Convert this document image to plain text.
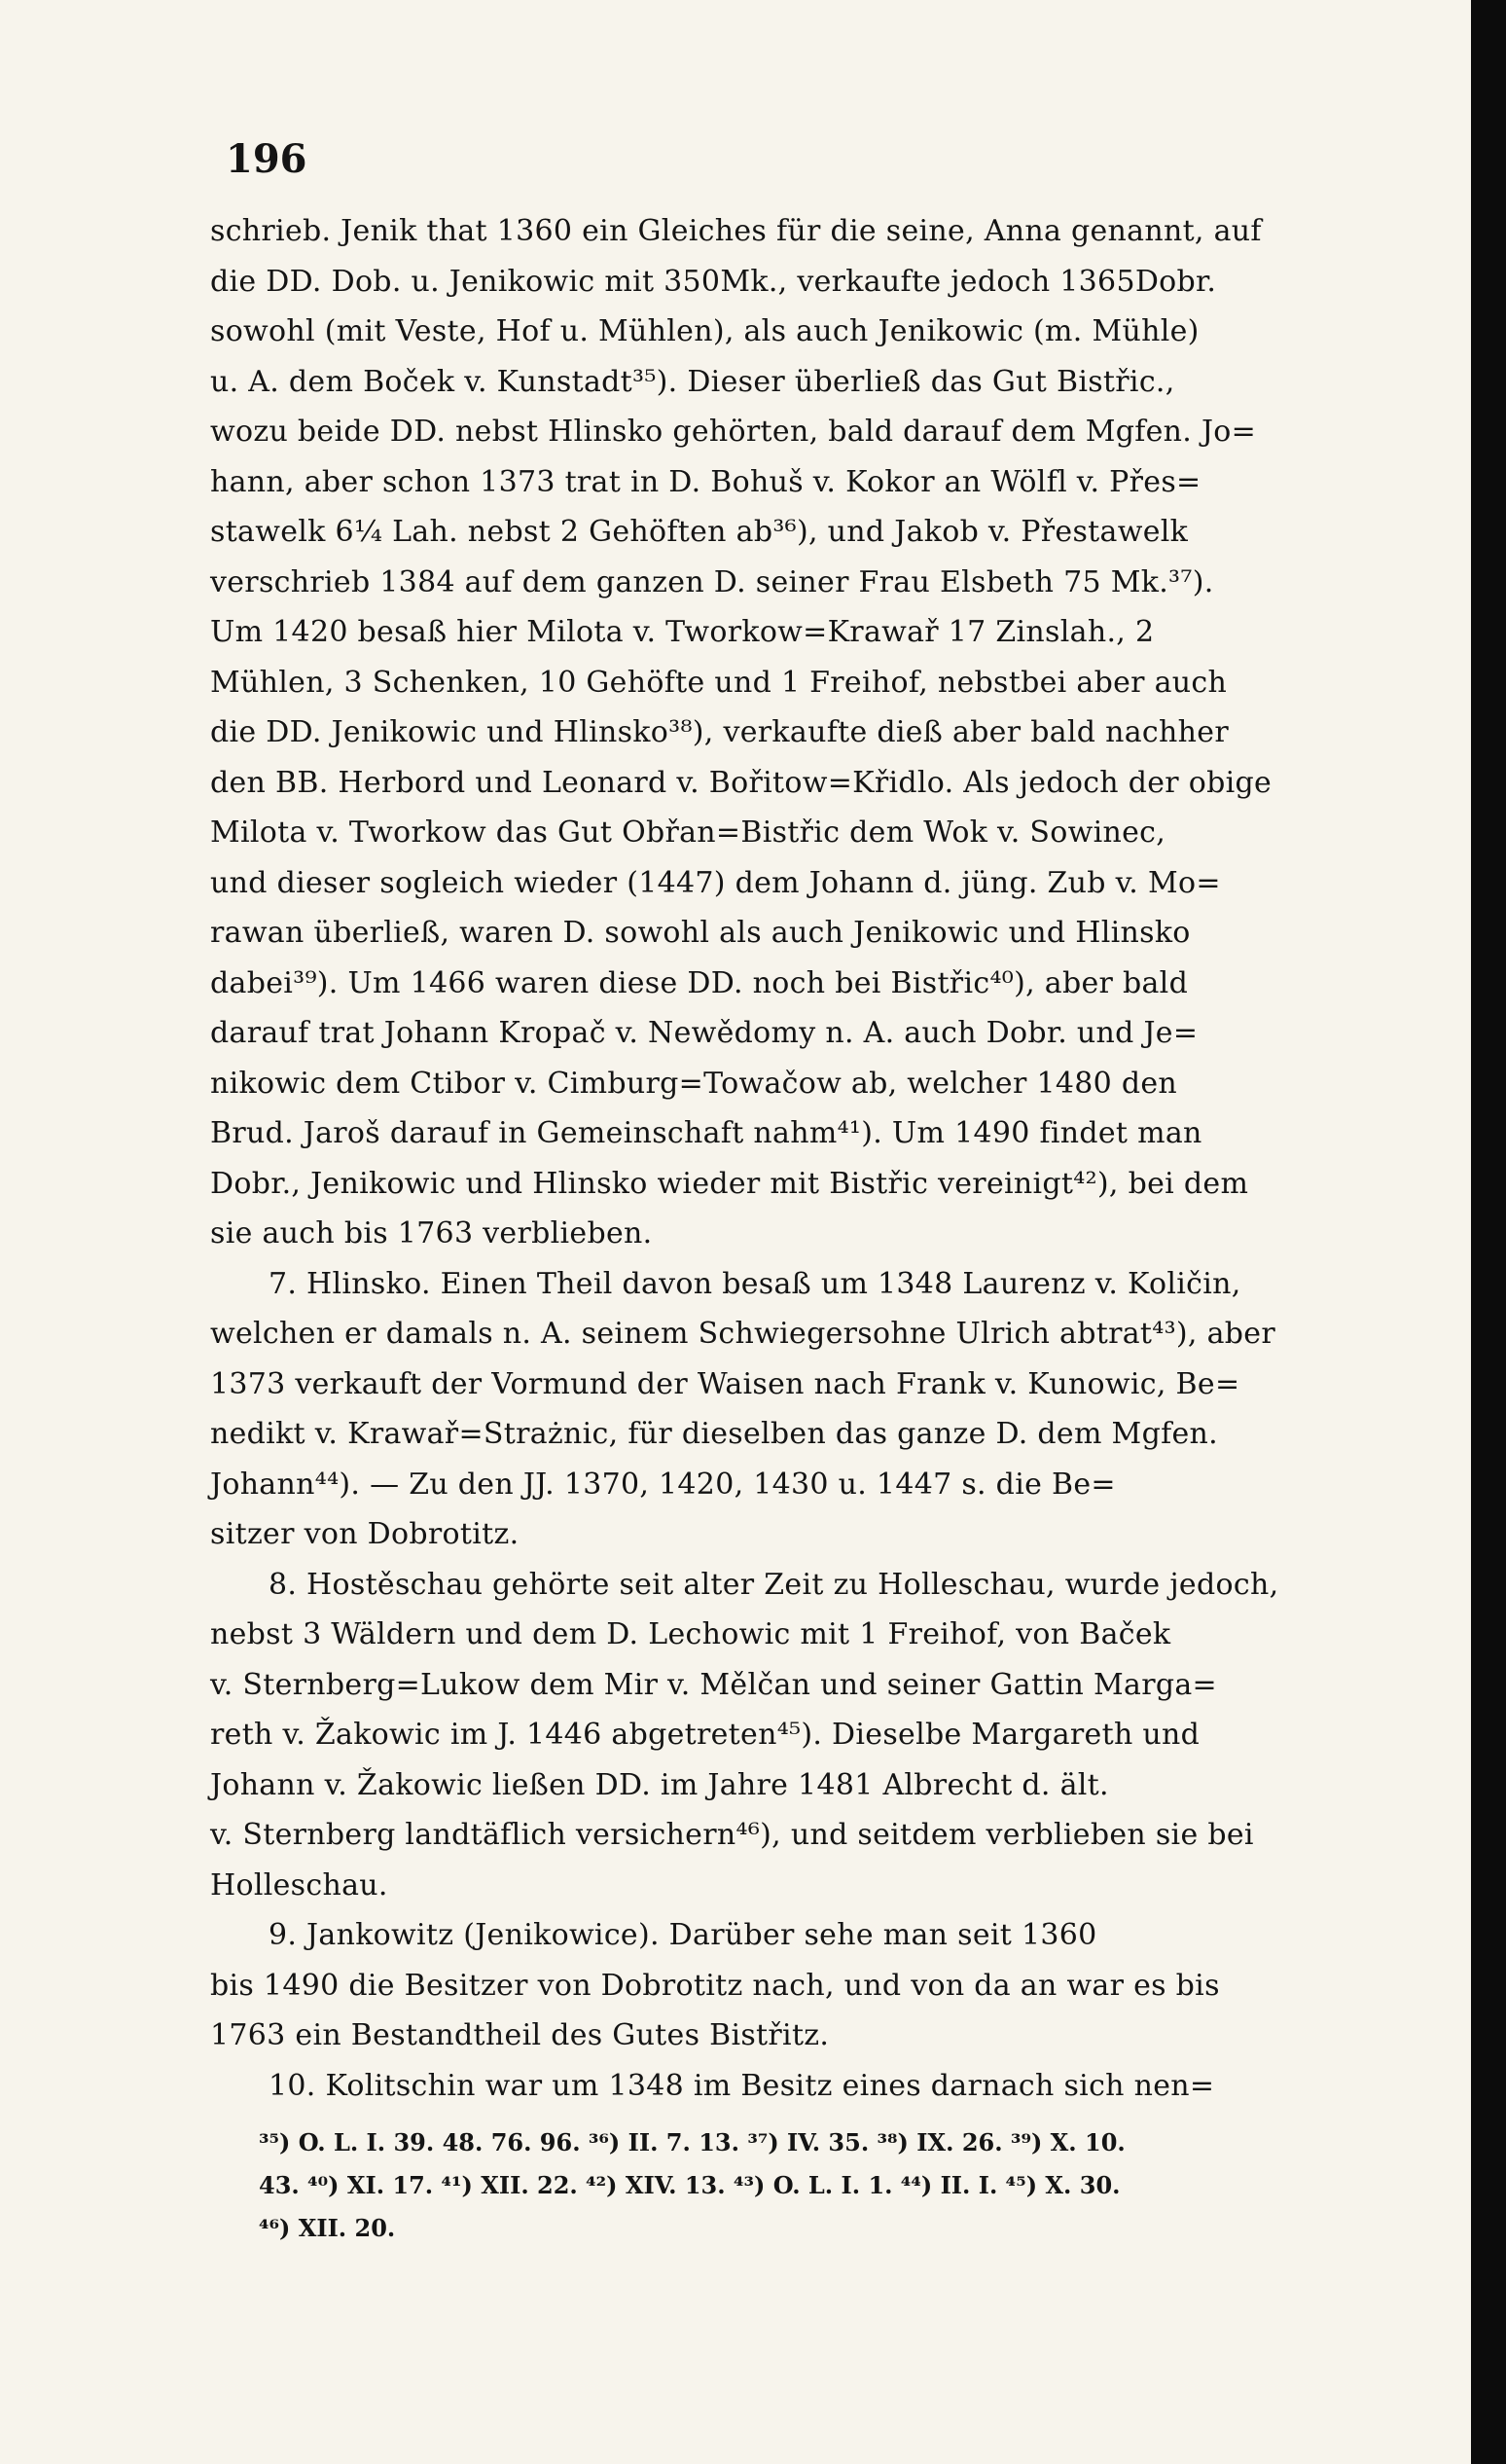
196
schrieb. Jenik that 1360 ein Gleiches für die seine, Anna genannt, auf
die DD. Dob. u. Jenikowic mit 350Mk., verkaufte jedoch 1365Dobr.
sowohl (mit Veste, Hof u. Mühlen), als auch Jenikowic (m. Mühle)
u. A. dem Boček v. Kunstadt³⁵). Dieser überließ das Gut Bistřic.,
wozu beide DD. nebst Hlinsko gehörten, bald darauf dem Mgfen. Jo=
hann, aber schon 1373 trat in D. Bohuš v. Kokor an Wölfl v. Přes=
stawelk 6¼ Lah. nebst 2 Gehöften ab³⁶), und Jakob v. Přestawelk
verschrieb 1384 auf dem ganzen D. seiner Frau Elsbeth 75 Mk.³⁷).
Um 1420 besaß hier Milota v. Tworkow=Krawař 17 Zinslah., 2
Mühlen, 3 Schenken, 10 Gehöfte und 1 Freihof, nebstbei aber auch
die DD. Jenikowic und Hlinsko³⁸), verkaufte dieß aber bald nachher
den BB. Herbord und Leonard v. Bořitow=Křidlo. Als jedoch der obige
Milota v. Tworkow das Gut Obřan=Bistřic dem Wok v. Sowinec,
und dieser sogleich wieder (1447) dem Johann d. jüng. Zub v. Mo=
rawan überließ, waren D. sowohl als auch Jenikowic und Hlinsko
dabei³⁹). Um 1466 waren diese DD. noch bei Bistřic⁴⁰), aber bald
darauf trat Johann Kropač v. Newědomy n. A. auch Dobr. und Je=
nikowic dem Ctibor v. Cimburg=Towačow ab, welcher 1480 den
Brud. Jaroš darauf in Gemeinschaft nahm⁴¹). Um 1490 findet man
Dobr., Jenikowic und Hlinsko wieder mit Bistřic vereinigt⁴²), bei dem
sie auch bis 1763 verblieben.
7. Hlinsko. Einen Theil davon besaß um 1348 Laurenz v. Količin,
welchen er damals n. A. seinem Schwiegersohne Ulrich abtrat⁴³), aber
1373 verkauft der Vormund der Waisen nach Frank v. Kunowic, Be=
nedikt v. Krawař=Strażnic, für dieselben das ganze D. dem Mgfen.
Johann⁴⁴). — Zu den JJ. 1370, 1420, 1430 u. 1447 s. die Be=
sitzer von Dobrotitz.
8. Hostěschau gehörte seit alter Zeit zu Holleschau, wurde jedoch,
nebst 3 Wäldern und dem D. Lechowic mit 1 Freihof, von Baček
v. Sternberg=Lukow dem Mir v. Mělčan und seiner Gattin Marga=
reth v. Žakowic im J. 1446 abgetreten⁴⁵). Dieselbe Margareth und
Johann v. Žakowic ließen DD. im Jahre 1481 Albrecht d. ält.
v. Sternberg landtäflich versichern⁴⁶), und seitdem verblieben sie bei
Holleschau.
9. Jankowitz (Jenikowice). Darüber sehe man seit 1360
bis 1490 die Besitzer von Dobrotitz nach, und von da an war es bis
1763 ein Bestandtheil des Gutes Bistřitz.
10. Kolitschin war um 1348 im Besitz eines darnach sich nen=
³⁵) O. L. I. 39. 48. 76. 96. ³⁶) II. 7. 13. ³⁷) IV. 35. ³⁸) IX. 26. ³⁹) X. 10.
43. ⁴⁰) XI. 17. ⁴¹) XII. 22. ⁴²) XIV. 13. ⁴³) O. L. I. 1. ⁴⁴) II. I. ⁴⁵) X. 30.
⁴⁶) XII. 20.
